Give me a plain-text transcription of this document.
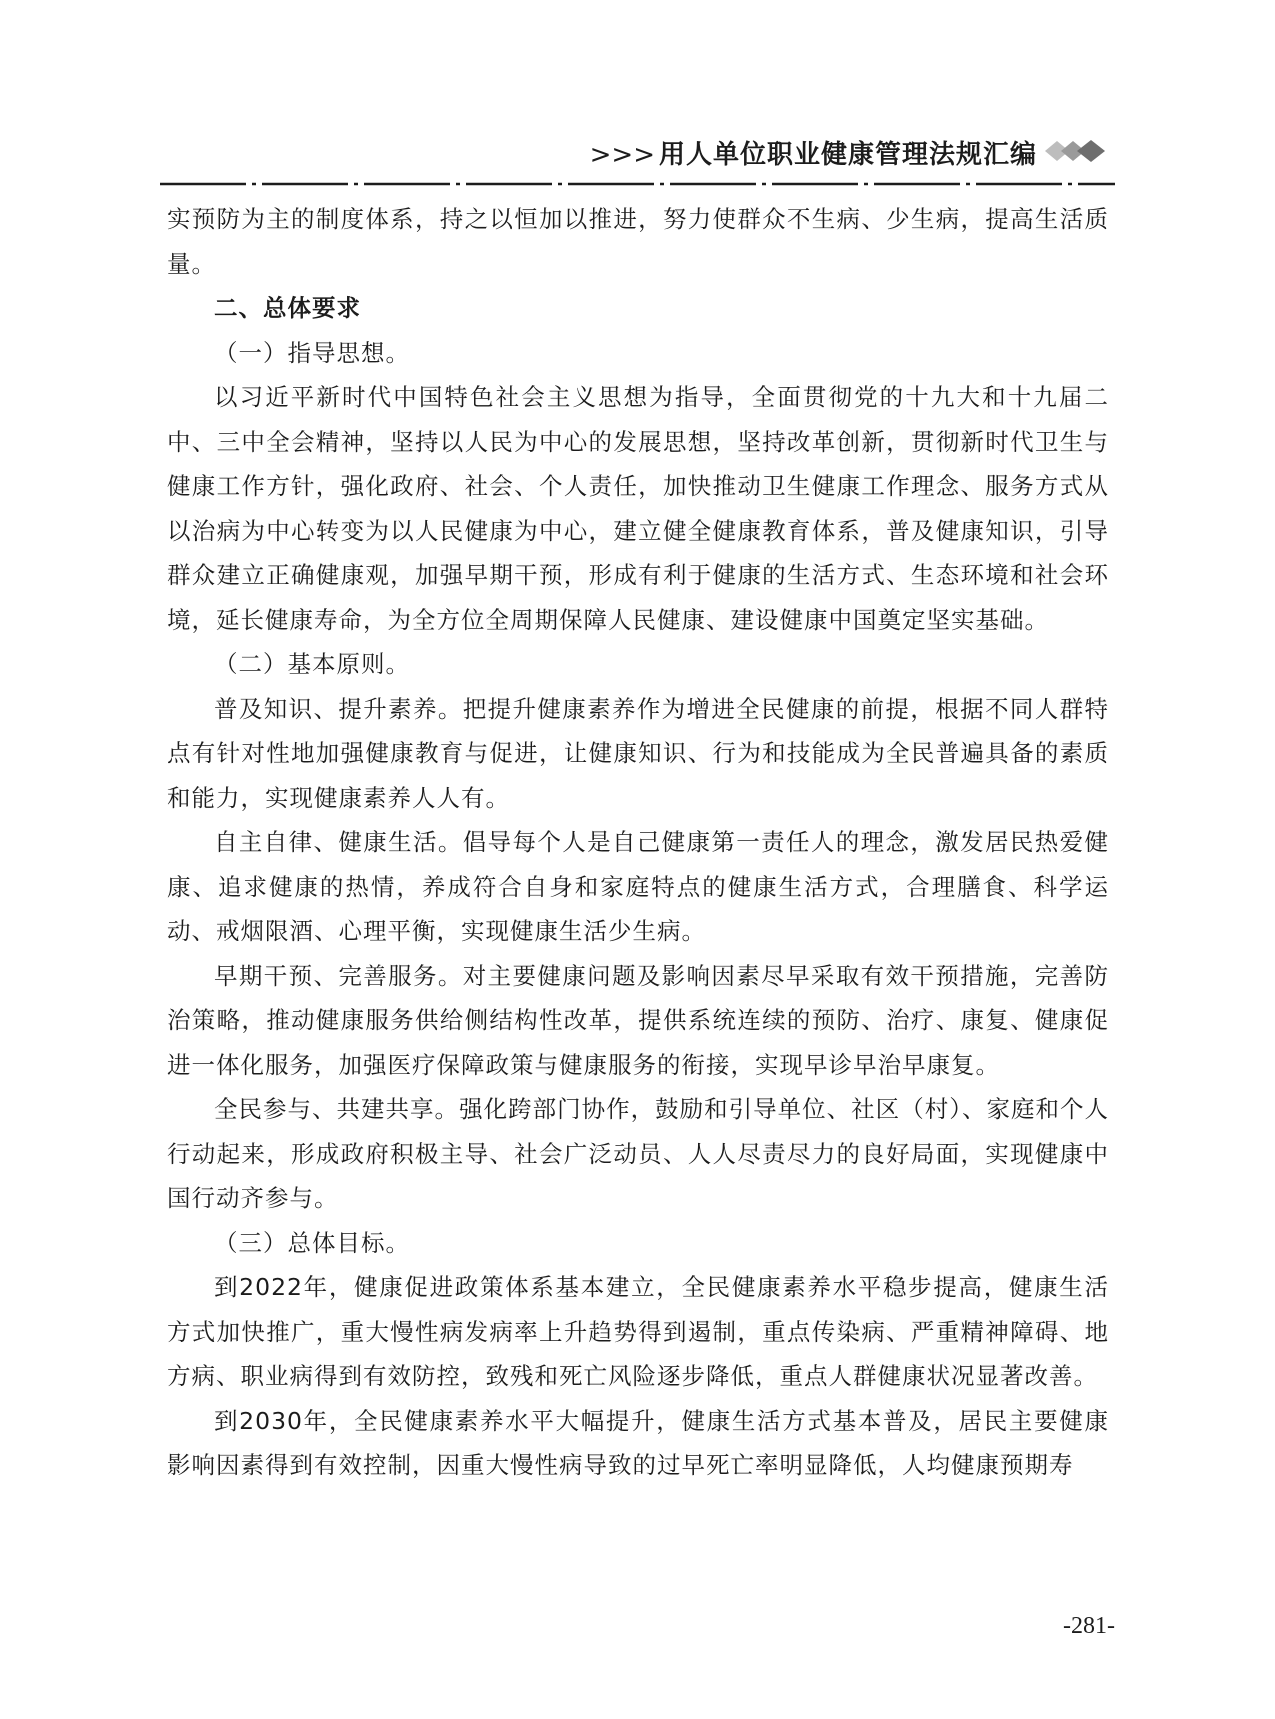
>>> 用人单位职业健康管理法规汇编

实预防为主的制度体系，持之以恒加以推进，努力使群众不生病、少生病，提高生活质量。

二、总体要求

（一）指导思想。

以习近平新时代中国特色社会主义思想为指导，全面贯彻党的十九大和十九届二中、三中全会精神，坚持以人民为中心的发展思想，坚持改革创新，贯彻新时代卫生与健康工作方针，强化政府、社会、个人责任，加快推动卫生健康工作理念、服务方式从以治病为中心转变为以人民健康为中心，建立健全健康教育体系，普及健康知识，引导群众建立正确健康观，加强早期干预，形成有利于健康的生活方式、生态环境和社会环境，延长健康寿命，为全方位全周期保障人民健康、建设健康中国奠定坚实基础。

（二）基本原则。

普及知识、提升素养。把提升健康素养作为增进全民健康的前提，根据不同人群特点有针对性地加强健康教育与促进，让健康知识、行为和技能成为全民普遍具备的素质和能力，实现健康素养人人有。

自主自律、健康生活。倡导每个人是自己健康第一责任人的理念，激发居民热爱健康、追求健康的热情，养成符合自身和家庭特点的健康生活方式，合理膳食、科学运动、戒烟限酒、心理平衡，实现健康生活少生病。

早期干预、完善服务。对主要健康问题及影响因素尽早采取有效干预措施，完善防治策略，推动健康服务供给侧结构性改革，提供系统连续的预防、治疗、康复、健康促进一体化服务，加强医疗保障政策与健康服务的衔接，实现早诊早治早康复。

全民参与、共建共享。强化跨部门协作，鼓励和引导单位、社区（村）、家庭和个人行动起来，形成政府积极主导、社会广泛动员、人人尽责尽力的良好局面，实现健康中国行动齐参与。

（三）总体目标。

到2022年，健康促进政策体系基本建立，全民健康素养水平稳步提高，健康生活方式加快推广，重大慢性病发病率上升趋势得到遏制，重点传染病、严重精神障碍、地方病、职业病得到有效防控，致残和死亡风险逐步降低，重点人群健康状况显著改善。

到2030年，全民健康素养水平大幅提升，健康生活方式基本普及，居民主要健康影响因素得到有效控制，因重大慢性病导致的过早死亡率明显降低，人均健康预期寿

-281-
